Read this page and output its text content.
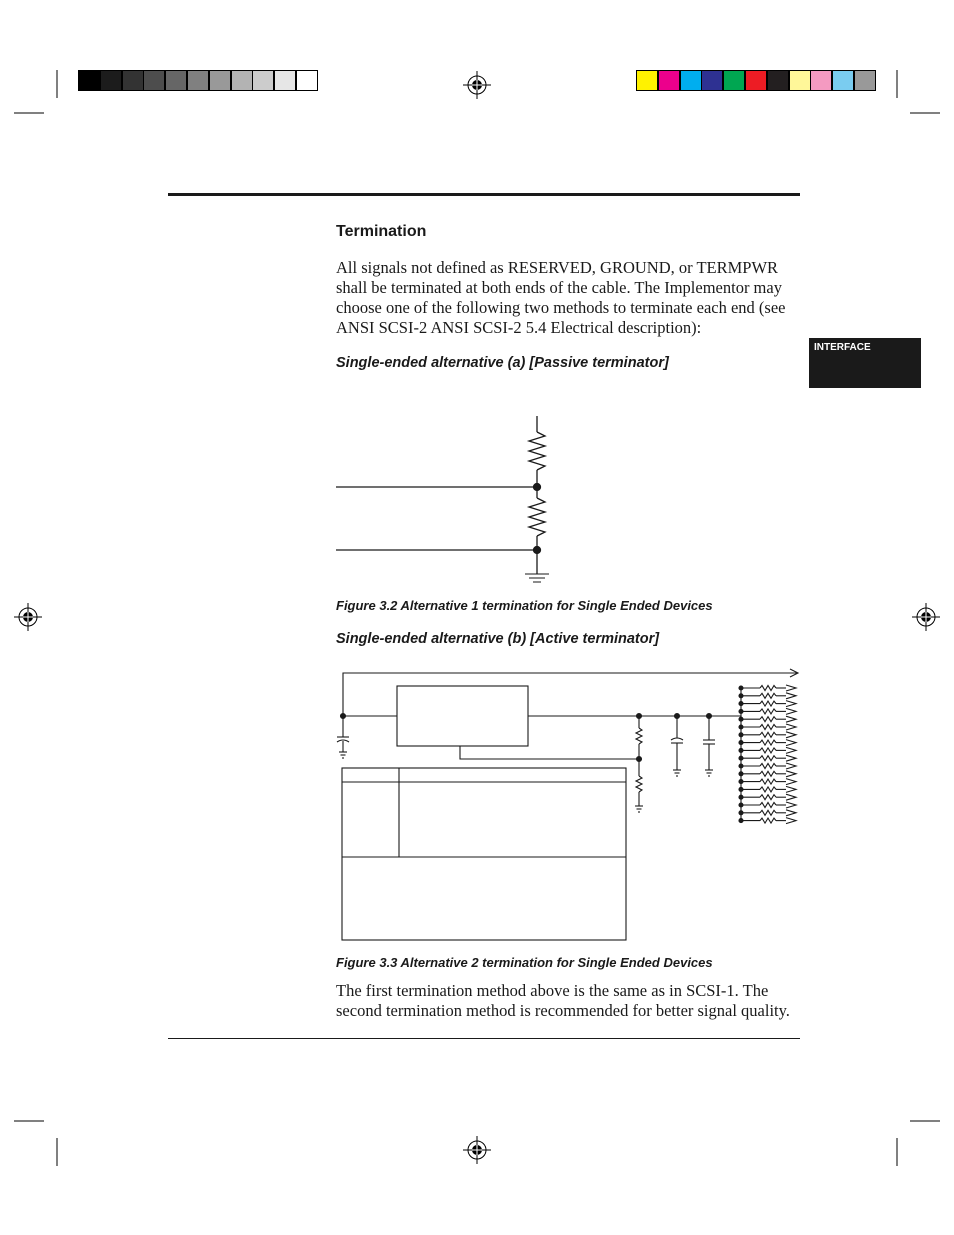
INTERFACE
Termination
All signals not defined as RESERVED, GROUND, or TERMPWR shall be terminated at both ends of the cable. The Implementor may choose one of the following two methods to terminate each end (see ANSI SCSI-2 ANSI SCSI-2 5.4 Electrical description):
Single-ended alternative (a) [Passive terminator]
Figure 3.2 Alternative 1 termination for Single Ended Devices
Single-ended alternative (b) [Active terminator]
Figure 3.3 Alternative 2 termination for Single Ended Devices
The first termination method above is the same as in SCSI-1. The second termination method is recommended for better signal quality.
